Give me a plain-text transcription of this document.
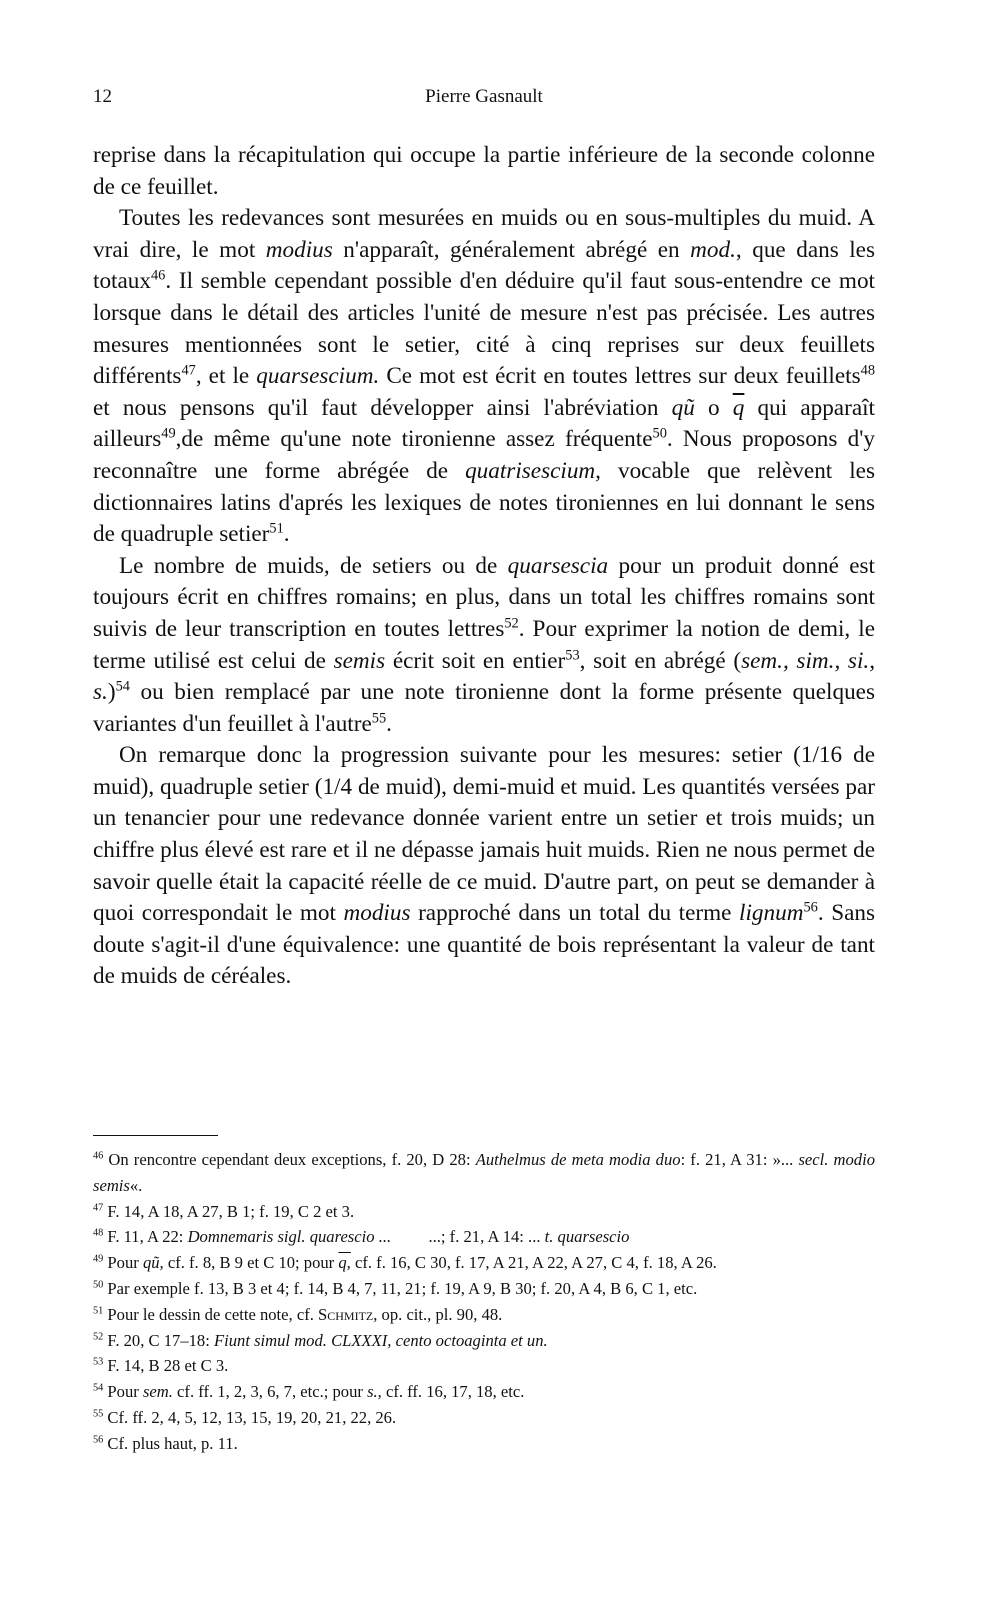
12	Pierre Gasnault

reprise dans la récapitulation qui occupe la partie inférieure de la seconde colonne de ce feuillet.

Toutes les redevances sont mesurées en muids ou en sous-multiples du muid. A vrai dire, le mot modius n'apparaît, généralement abrégé en mod., que dans les totaux$^{46}$. Il semble cependant possible d'en déduire qu'il faut sous-entendre ce mot lorsque dans le détail des articles l'unité de mesure n'est pas précisée. Les autres mesures mentionnées sont le setier, cité à cinq reprises sur deux feuillets différents$^{47}$, et le quarsescium. Ce mot est écrit en toutes lettres sur deux feuillets$^{48}$ et nous pensons qu'il faut développer ainsi l'abréviation qũ o $\overline{q}$ qui apparaît ailleurs$^{49}$,de même qu'une note tironienne assez fréquente$^{50}$. Nous proposons d'y reconnaître une forme abrégée de quatrisescium, vocable que relèvent les dictionnaires latins d'aprés les lexiques de notes tironiennes en lui donnant le sens de quadruple setier$^{51}$.

Le nombre de muids, de setiers ou de quarsescia pour un produit donné est toujours écrit en chiffres romains; en plus, dans un total les chiffres romains sont suivis de leur transcription en toutes lettres$^{52}$. Pour exprimer la notion de demi, le terme utilisé est celui de semis écrit soit en entier$^{53}$, soit en abrégé (sem., sim., si., s.)$^{54}$ ou bien remplacé par une note tironienne dont la forme présente quelques variantes d'un feuillet à l'autre$^{55}$.

On remarque donc la progression suivante pour les mesures: setier (1/16 de muid), quadruple setier (1/4 de muid), demi-muid et muid. Les quantités versées par un tenancier pour une redevance donnée varient entre un setier et trois muids; un chiffre plus élevé est rare et il ne dépasse jamais huit muids. Rien ne nous permet de savoir quelle était la capacité réelle de ce muid. D'autre part, on peut se demander à quoi correspondait le mot modius rapproché dans un total du terme lignum$^{56}$. Sans doute s'agit-il d'une équivalence: une quantité de bois représentant la valeur de tant de muids de céréales.

$^{46}$ On rencontre cependant deux exceptions, f. 20, D 28: Authelmus de meta modia duo: f. 21, A 31: »... secl. modio semis«.

$^{47}$ F. 14, A 18, A 27, B 1; f. 19, C 2 et 3.

$^{48}$ F. 11, A 22: Domnemaris sigl. quarescio ...         ...; f. 21, A 14: ... t. quarsescio

$^{49}$ Pour qũ, cf. f. 8, B 9 et C 10; pour q, cf. f. 16, C 30, f. 17, A 21, A 22, A 27, C 4, f. 18, A 26.

$^{50}$ Par exemple f. 13, B 3 et 4; f. 14, B 4, 7, 11, 21; f. 19, A 9, B 30; f. 20, A 4, B 6, C 1, etc.

$^{51}$ Pour le dessin de cette note, cf. Schmitz, op. cit., pl. 90, 48.

$^{52}$ F. 20, C 17–18: Fiunt simul mod. CLXXXI, cento octoaginta et un.

$^{53}$ F. 14, B 28 et C 3.

$^{54}$ Pour sem. cf. ff. 1, 2, 3, 6, 7, etc.; pour s., cf. ff. 16, 17, 18, etc.

$^{55}$ Cf. ff. 2, 4, 5, 12, 13, 15, 19, 20, 21, 22, 26.

$^{56}$ Cf. plus haut, p. 11.
